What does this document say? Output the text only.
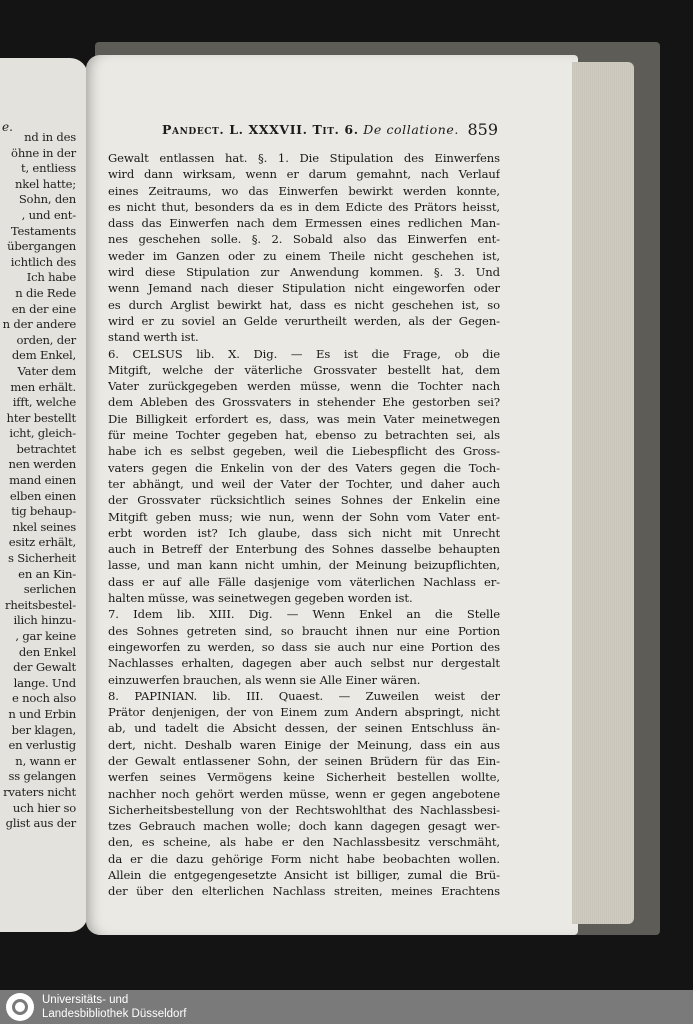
e.
nd in des
öhne in der
t, entliess
nkel hatte;
Sohn, den
, und ent-
Testaments
übergangen
ichtlich des
Ich habe
n die Rede
en der eine
n der andere
orden, der
dem Enkel,
Vater dem
men erhält.
ifft, welche
hter bestellt
icht, gleich-
betrachtet
nen werden
mand einen
elben einen
tig behaup-
nkel seines
esitz erhält,
s Sicherheit
en an Kin-
serlichen
rheitsbestel-
ilich hinzu-
, gar keine
den Enkel
der Gewalt
lange. Und
e noch also
n und Erbin
ber klagen,
en verlustig
n, wann er
ss gelangen
rvaters nicht
uch hier so
glist aus der
Pandect. L. XXXVII. Tit. 6. De collatione. 859
Gewalt entlassen hat. §. 1. Die Stipulation des Einwerfens
wird dann wirksam, wenn er darum gemahnt, nach Verlauf
eines Zeitraums, wo das Einwerfen bewirkt werden konnte,
es nicht thut, besonders da es in dem Edicte des Prätors heisst,
dass das Einwerfen nach dem Ermessen eines redlichen Man-
nes geschehen solle. §. 2. Sobald also das Einwerfen ent-
weder im Ganzen oder zu einem Theile nicht geschehen ist,
wird diese Stipulation zur Anwendung kommen. §. 3. Und
wenn Jemand nach dieser Stipulation nicht eingeworfen oder
es durch Arglist bewirkt hat, dass es nicht geschehen ist, so
wird er zu soviel an Gelde verurtheilt werden, als der Gegen-
stand werth ist.
6. CELSUS lib. X. Dig. — Es ist die Frage, ob die
Mitgift, welche der väterliche Grossvater bestellt hat, dem
Vater zurückgegeben werden müsse, wenn die Tochter nach
dem Ableben des Grossvaters in stehender Ehe gestorben sei?
Die Billigkeit erfordert es, dass, was mein Vater meinetwegen
für meine Tochter gegeben hat, ebenso zu betrachten sei, als
habe ich es selbst gegeben, weil die Liebespflicht des Gross-
vaters gegen die Enkelin von der des Vaters gegen die Toch-
ter abhängt, und weil der Vater der Tochter, und daher auch
der Grossvater rücksichtlich seines Sohnes der Enkelin eine
Mitgift geben muss; wie nun, wenn der Sohn vom Vater ent-
erbt worden ist? Ich glaube, dass sich nicht mit Unrecht
auch in Betreff der Enterbung des Sohnes dasselbe behaupten
lasse, und man kann nicht umhin, der Meinung beizupflichten,
dass er auf alle Fälle dasjenige vom väterlichen Nachlass er-
halten müsse, was seinetwegen gegeben worden ist.
7. Idem lib. XIII. Dig. — Wenn Enkel an die Stelle
des Sohnes getreten sind, so braucht ihnen nur eine Portion
eingeworfen zu werden, so dass sie auch nur eine Portion des
Nachlasses erhalten, dagegen aber auch selbst nur dergestalt
einzuwerfen brauchen, als wenn sie Alle Einer wären.
8. PAPINIAN. lib. III. Quaest. — Zuweilen weist der
Prätor denjenigen, der von Einem zum Andern abspringt, nicht
ab, und tadelt die Absicht dessen, der seinen Entschluss än-
dert, nicht. Deshalb waren Einige der Meinung, dass ein aus
der Gewalt entlassener Sohn, der seinen Brüdern für das Ein-
werfen seines Vermögens keine Sicherheit bestellen wollte,
nachher noch gehört werden müsse, wenn er gegen angebotene
Sicherheitsbestellung von der Rechtswohlthat des Nachlassbesi-
tzes Gebrauch machen wolle; doch kann dagegen gesagt wer-
den, es scheine, als habe er den Nachlassbesitz verschmäht,
da er die dazu gehörige Form nicht habe beobachten wollen.
Allein die entgegengesetzte Ansicht ist billiger, zumal die Brü-
der über den elterlichen Nachlass streiten, meines Erachtens
Universitäts- und
Landesbibliothek Düsseldorf
